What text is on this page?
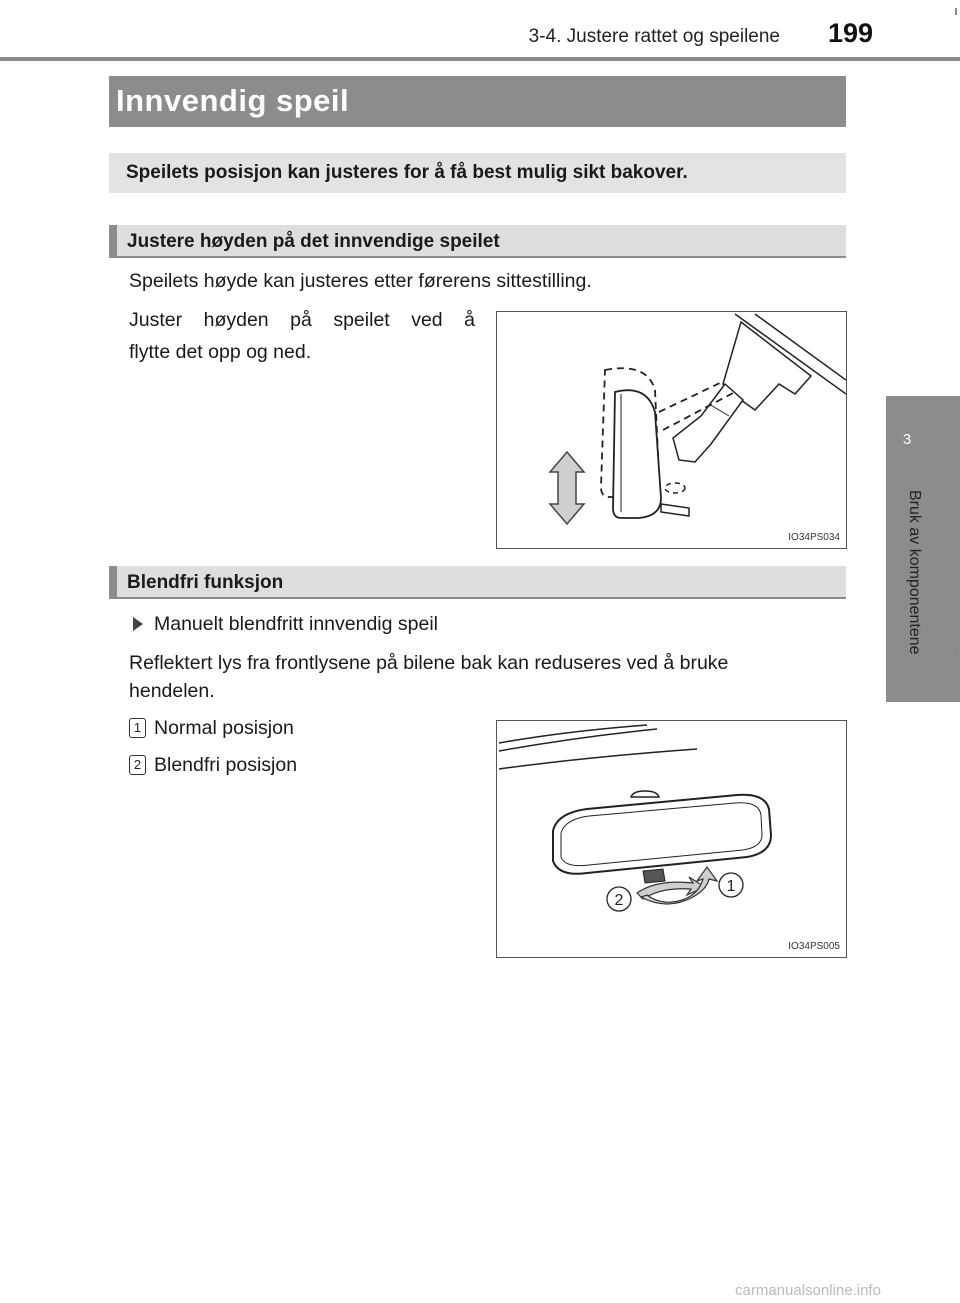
3-4. Justere rattet og speilene 199
3
Bruk av komponentene
Innvendig speil
Speilets posisjon kan justeres for å få best mulig sikt bakover.
Justere høyden på det innvendige speilet
Speilets høyde kan justeres etter førerens sittestilling.
Juster høyden på speilet ved å
flytte det opp og ned.
IO34PS034
Blendfri funksjon
Manuelt blendfritt innvendig speil
Reflektert lys fra frontlysene på bilene bak kan reduseres ved å bruke
hendelen.
1 Normal posisjon
2 Blendfri posisjon
1
2
IO34PS005
carmanualsonline.info
